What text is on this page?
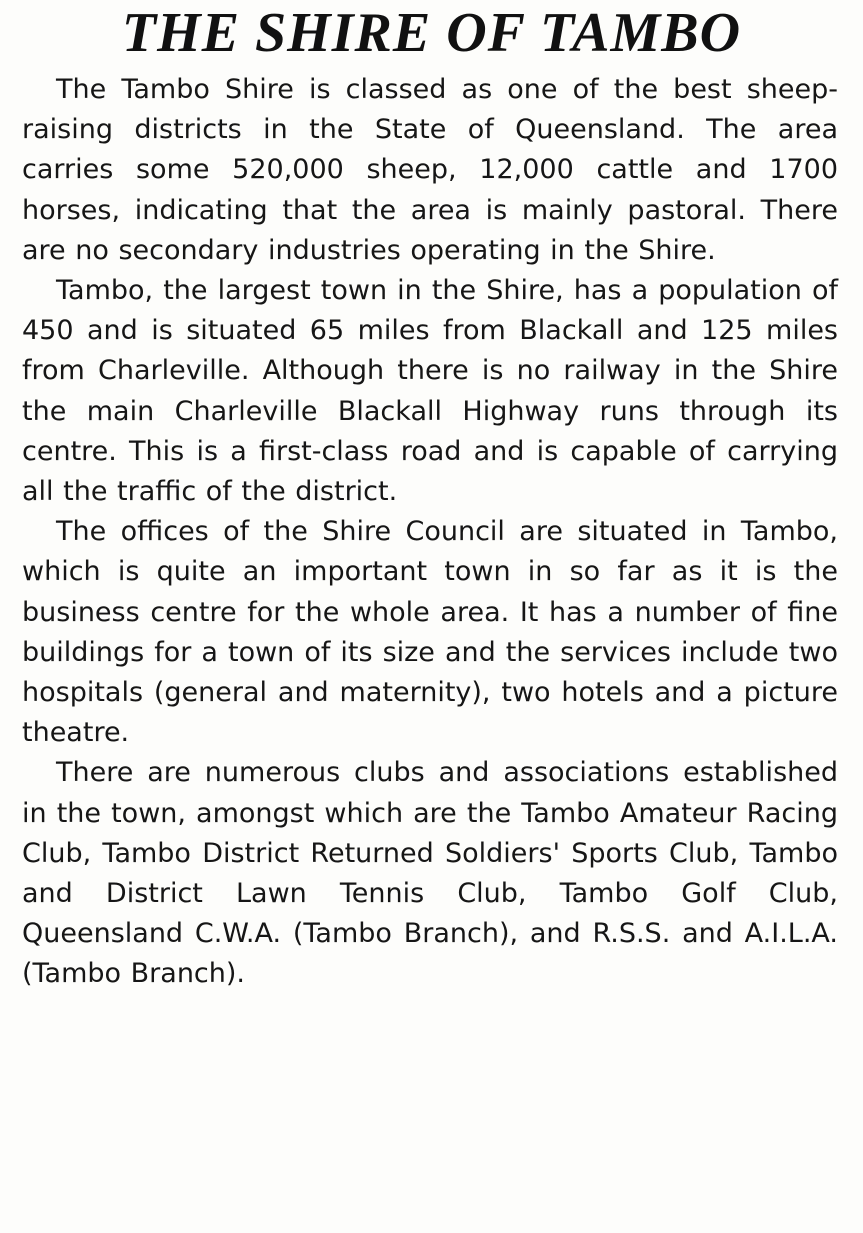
THE SHIRE OF TAMBO

The Tambo Shire is classed as one of the best sheep-raising districts in the State of Queensland. The area carries some 520,000 sheep, 12,000 cattle and 1700 horses, indicating that the area is mainly pastoral. There are no secondary industries operating in the Shire.

Tambo, the largest town in the Shire, has a population of 450 and is situated 65 miles from Blackall and 125 miles from Charleville. Although there is no railway in the Shire the main Charleville Blackall Highway runs through its centre. This is a first-class road and is capable of carrying all the traffic of the district.

The offices of the Shire Council are situated in Tambo, which is quite an important town in so far as it is the business centre for the whole area. It has a number of fine buildings for a town of its size and the services include two hospitals (general and maternity), two hotels and a picture theatre.

There are numerous clubs and associations established in the town, amongst which are the Tambo Amateur Racing Club, Tambo District Returned Soldiers' Sports Club, Tambo and District Lawn Tennis Club, Tambo Golf Club, Queensland C.W.A. (Tambo Branch), and R.S.S. and A.I.L.A. (Tambo Branch).
